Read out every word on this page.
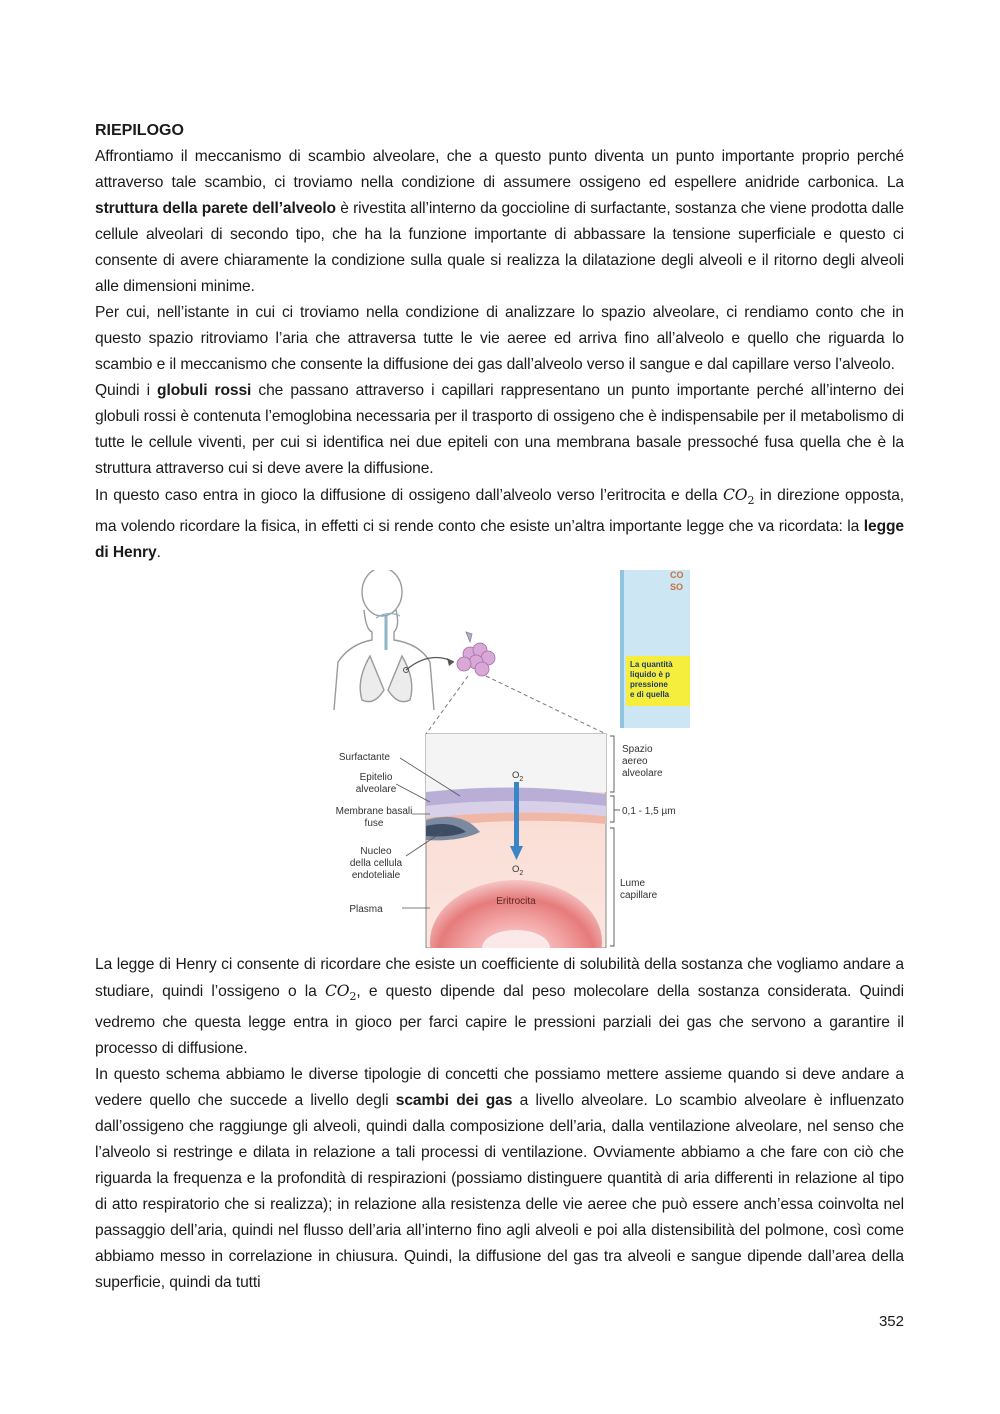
RIEPILOGO

Affrontiamo il meccanismo di scambio alveolare, che a questo punto diventa un punto importante proprio perché attraverso tale scambio, ci troviamo nella condizione di assumere ossigeno ed espellere anidride carbonica. La struttura della parete dell’alveolo è rivestita all’interno da goccioline di surfactante, sostanza che viene prodotta dalle cellule alveolari di secondo tipo, che ha la funzione importante di abbassare la tensione superficiale e questo ci consente di avere chiaramente la condizione sulla quale si realizza la dilatazione degli alveoli e il ritorno degli alveoli alle dimensioni minime.

Per cui, nell’istante in cui ci troviamo nella condizione di analizzare lo spazio alveolare, ci rendiamo conto che in questo spazio ritroviamo l’aria che attraversa tutte le vie aeree ed arriva fino all’alveolo e quello che riguarda lo scambio e il meccanismo che consente la diffusione dei gas dall’alveolo verso il sangue e dal capillare verso l’alveolo.

Quindi i globuli rossi che passano attraverso i capillari rappresentano un punto importante perché all’interno dei globuli rossi è contenuta l’emoglobina necessaria per il trasporto di ossigeno che è indispensabile per il metabolismo di tutte le cellule viventi, per cui si identifica nei due epiteli con una membrana basale pressoché fusa quella che è la struttura attraverso cui si deve avere la diffusione.

In questo caso entra in gioco la diffusione di ossigeno dall’alveolo verso l’eritrocita e della $CO_2$ in direzione opposta, ma volendo ricordare la fisica, in effetti ci si rende conto che esiste un’altra importante legge che va ricordata: la legge di Henry.

CO
SO
La quantità
liquido è p
pressione
e di quella
Eritrocita
$O_2$
$O_2$
Surfactante
Epitelio
alveolare
Membrane basali
fuse
Nucleo
della cellula
endoteliale
Plasma
Spazio
aereo
alveolare
0,1 - 1,5 µm
Lume
capillare

La legge di Henry ci consente di ricordare che esiste un coefficiente di solubilità della sostanza che vogliamo andare a studiare, quindi l’ossigeno o la $CO_2$, e questo dipende dal peso molecolare della sostanza considerata. Quindi vedremo che questa legge entra in gioco per farci capire le pressioni parziali dei gas che servono a garantire il processo di diffusione.

In questo schema abbiamo le diverse tipologie di concetti che possiamo mettere assieme quando si deve andare a vedere quello che succede a livello degli scambi dei gas a livello alveolare. Lo scambio alveolare è influenzato dall’ossigeno che raggiunge gli alveoli, quindi dalla composizione dell’aria, dalla ventilazione alveolare, nel senso che l’alveolo si restringe e dilata in relazione a tali processi di ventilazione. Ovviamente abbiamo a che fare con ciò che riguarda la frequenza e la profondità di respirazioni (possiamo distinguere quantità di aria differenti in relazione al tipo di atto respiratorio che si realizza); in relazione alla resistenza delle vie aeree che può essere anch’essa coinvolta nel passaggio dell’aria, quindi nel flusso dell’aria all’interno fino agli alveoli e poi alla distensibilità del polmone, così come abbiamo messo in correlazione in chiusura. Quindi, la diffusione del gas tra alveoli e sangue dipende dall’area della superficie, quindi da tutti

352
